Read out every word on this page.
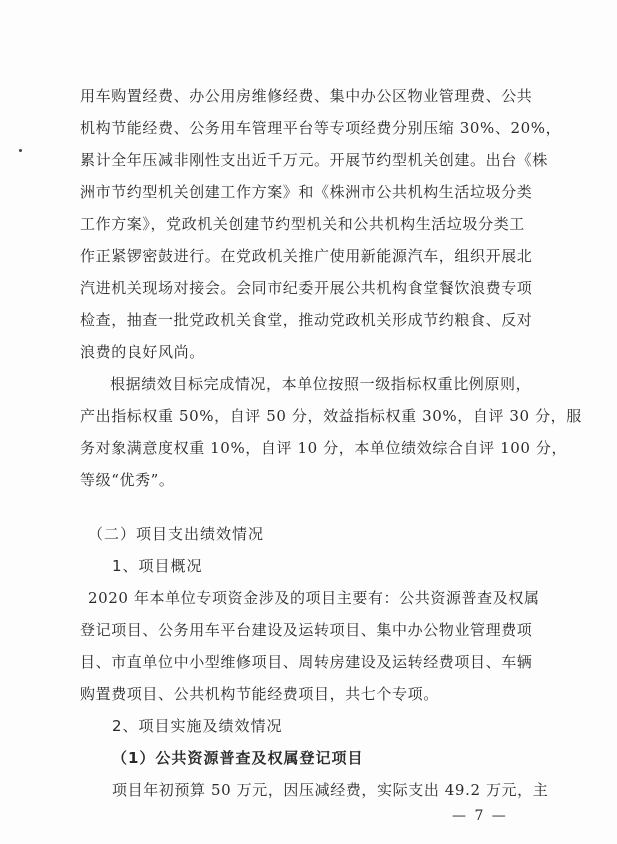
用车购置经费、办公用房维修经费、集中办公区物业管理费、公共
机构节能经费、公务用车管理平台等专项经费分别压缩 30%、20%，
累计全年压减非刚性支出近千万元。开展节约型机关创建。出台《株
洲市节约型机关创建工作方案》和《株洲市公共机构生活垃圾分类
工作方案》，党政机关创建节约型机关和公共机构生活垃圾分类工
作正紧锣密鼓进行。在党政机关推广使用新能源汽车，组织开展北
汽进机关现场对接会。会同市纪委开展公共机构食堂餐饮浪费专项
检查，抽查一批党政机关食堂，推动党政机关形成节约粮食、反对
浪费的良好风尚。
根据绩效目标完成情况，本单位按照一级指标权重比例原则，
产出指标权重 50%，自评 50 分，效益指标权重 30%，自评 30 分，服
务对象满意度权重 10%，自评 10 分，本单位绩效综合自评 100 分，
等级“优秀”。
（二）项目支出绩效情况
1、项目概况
2020 年本单位专项资金涉及的项目主要有：公共资源普查及权属
登记项目、公务用车平台建设及运转项目、集中办公物业管理费项
目、市直单位中小型维修项目、周转房建设及运转经费项目、车辆
购置费项目、公共机构节能经费项目，共七个专项。
2、项目实施及绩效情况
（1）公共资源普查及权属登记项目
项目年初预算 50 万元，因压减经费，实际支出 49.2 万元，主
— 7 —
